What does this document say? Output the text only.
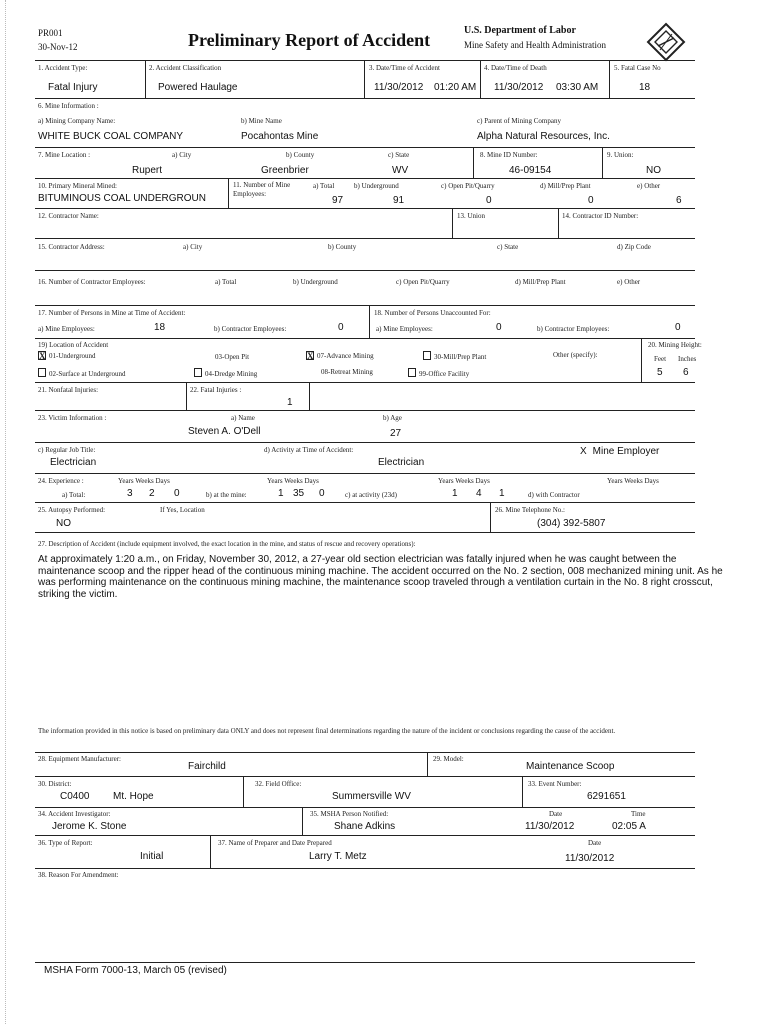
PR001
30-Nov-12	Preliminary Report of Accident	U.S. Department of Labor
Mine Safety and Health Administration
1. Accident Type:
Fatal Injury
2. Accident Classification
Powered Haulage
3. Date/Time of Accident
11/30/2012 01:20 AM
4. Date/Time of Death
11/30/2012 03:30 AM
5. Fatal Case No
18
6. Mine Information :
a) Mining Company Name:
WHITE BUCK COAL COMPANY
b) Mine Name
Pocahontas Mine
c) Parent of Mining Company
Alpha Natural Resources, Inc.
7. Mine Location :	a) City
Rupert
b) County
Greenbrier
c) State
WV
8. Mine ID Number:
46-09154
9. Union:
NO
10. Primary Mineral Mined:
BITUMINOUS COAL UNDERGROUN
11. Number of Mine Employees:
a) Total
97
b) Underground
91
c) Open Pit/Quarry
0
d) Mill/Prep Plant
0
e) Other
6
12. Contractor Name:	13. Union	14. Contractor ID Number:
15. Contractor Address:	a) City	b) County	c) State	d) Zip Code
16. Number of Contractor Employees:	a) Total	b) Underground	c) Open Pit/Quarry	d) Mill/Prep Plant	e) Other
17. Number of Persons in Mine at Time of Accident:
a) Mine Employees:	18	b) Contractor Employees:	0
18. Number of Persons Unaccounted For:
a) Mine Employees:	0	b) Contractor Employees:	0
19) Location of Accident
X 01-Underground
02-Surface at Underground
03-Open Pit
04-Dredge Mining
X 07-Advance Mining
08-Retreat Mining
30-Mill/Prep Plant
99-Office Facility
Other (specify):
20. Mining Height:
Feet Inches
5 6
21. Nonfatal Injuries:	22. Fatal Injuries :
1
23. Victim Information :	a) Name
Steven A. O'Dell
b) Age
27
c) Regular Job Title:
Electrician
d) Activity at Time of Accident:
Electrician
X Mine Employer
24. Experience :	Years Weeks Days	Years Weeks Days	Years Weeks Days	Years Weeks Days
a) Total:	3 2 0	b) at the mine:	1 35 0	c) at activity (23d)	1 4 1	d) with Contractor
25. Autopsy Performed:	If Yes, Location
NO
26. Mine Telephone No.:
(304) 392-5807
27. Description of Accident (include equipment involved, the exact location in the mine, and status of rescue and recovery operations):
At approximately 1:20 a.m., on Friday, November 30, 2012, a 27-year old section electrician was fatally injured when he was caught between the maintenance scoop and the ripper head of the continuous mining machine. The accident occurred on the No. 2 section, 008 mechanized mining unit. As he was performing maintenance on the continuous mining machine, the maintenance scoop traveled through a ventilation curtain in the No. 8 right crosscut, striking the victim.
The information provided in this notice is based on preliminary data ONLY and does not represent final determinations regarding the nature of the incident or conclusions regarding the cause of the accident.
28. Equipment Manufacturer:
Fairchild
29. Model:
Maintenance Scoop
30. District:
C0400 Mt. Hope
32. Field Office:
Summersville WV
33. Event Number:
6291651
34. Accident Investigator:
Jerome K. Stone
35. MSHA Person Notified:
Shane Adkins
Date
11/30/2012
Time
02:05 A
36. Type of Report:
Initial
37. Name of Preparer and Date Prepared
Larry T. Metz
Date
11/30/2012
38. Reason For Amendment:
MSHA Form 7000-13, March 05 (revised)
